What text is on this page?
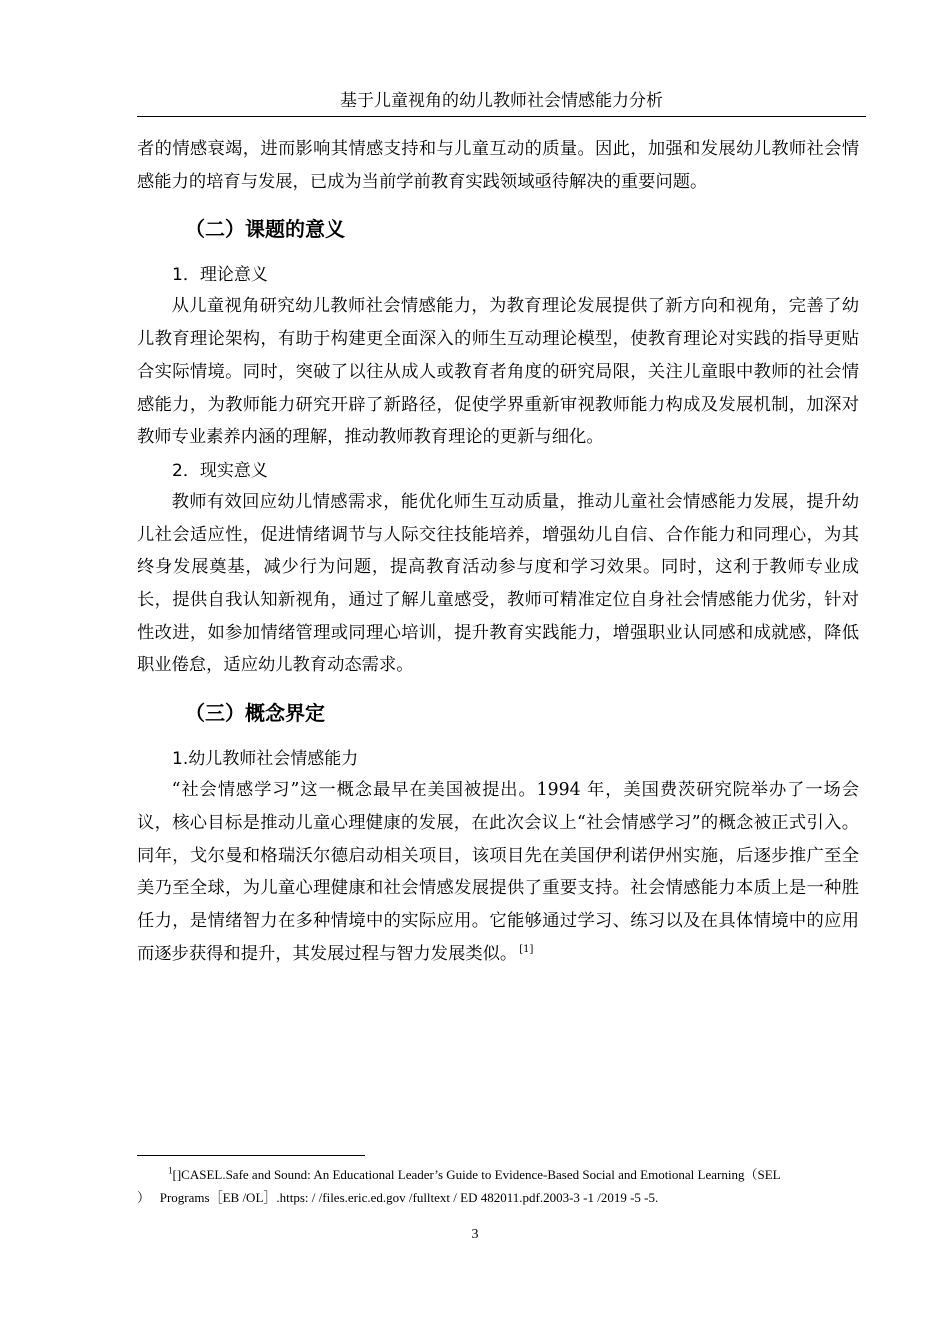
基于儿童视角的幼儿教师社会情感能力分析

者的情感衰竭，进而影响其情感支持和与儿童互动的质量。因此，加强和发展幼儿教师社会情感能力的培育与发展，已成为当前学前教育实践领域亟待解决的重要问题。

（二）课题的意义
1．理论意义

从儿童视角研究幼儿教师社会情感能力，为教育理论发展提供了新方向和视角，完善了幼儿教育理论架构，有助于构建更全面深入的师生互动理论模型，使教育理论对实践的指导更贴合实际情境。同时，突破了以往从成人或教育者角度的研究局限，关注儿童眼中教师的社会情感能力，为教师能力研究开辟了新路径，促使学界重新审视教师能力构成及发展机制，加深对教师专业素养内涵的理解，推动教师教育理论的更新与细化。

2．现实意义

教师有效回应幼儿情感需求，能优化师生互动质量，推动儿童社会情感能力发展，提升幼儿社会适应性，促进情绪调节与人际交往技能培养，增强幼儿自信、合作能力和同理心，为其终身发展奠基，减少行为问题，提高教育活动参与度和学习效果。同时，这利于教师专业成长，提供自我认知新视角，通过了解儿童感受，教师可精准定位自身社会情感能力优劣，针对性改进，如参加情绪管理或同理心培训，提升教育实践能力，增强职业认同感和成就感，降低职业倦怠，适应幼儿教育动态需求。

（三）概念界定
1.幼儿教师社会情感能力

“社会情感学习”这一概念最早在美国被提出。1994 年，美国费茨研究院举办了一场会议，核心目标是推动儿童心理健康的发展，在此次会议上“社会情感学习”的概念被正式引入。同年，戈尔曼和格瑞沃尔德启动相关项目，该项目先在美国伊利诺伊州实施，后逐步推广至全美乃至全球，为儿童心理健康和社会情感发展提供了重要支持。社会情感能力本质上是一种胜任力，是情绪智力在多种情境中的实际应用。它能够通过学习、练习以及在具体情境中的应用而逐步获得和提升，其发展过程与智力发展类似。 [1]

$^1$[]CASEL.Safe and Sound: An Educational Leader’s Guide to Evidence-Based Social and Emotional Learning（SEL

）   Programs［EB /OL］.https: / /files.eric.ed.gov /fulltext / ED 482011.pdf.2003-3 -1 /2019 -5 -5.

3
